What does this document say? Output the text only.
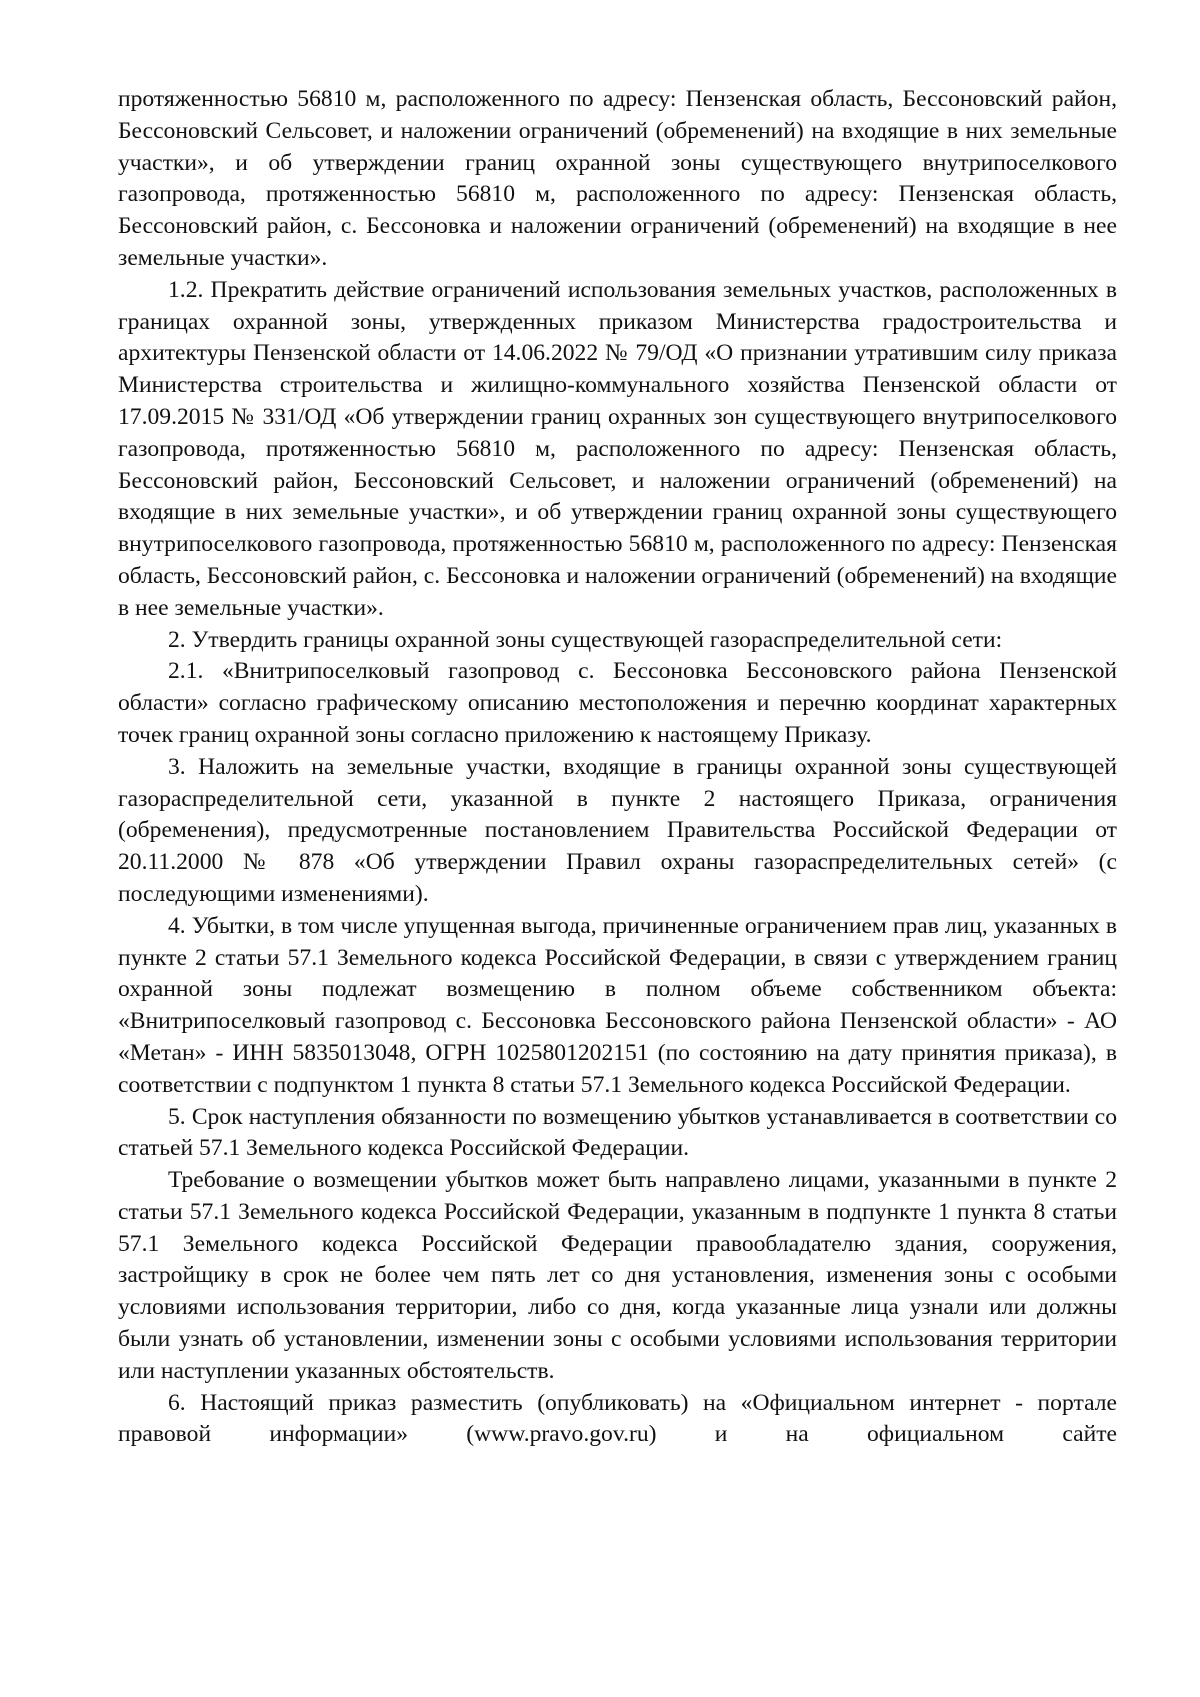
протяженностью 56810 м, расположенного по адресу: Пензенская область, Бессоновский район, Бессоновский Сельсовет, и наложении ограничений (обременений) на входящие в них земельные участки», и об утверждении границ охранной зоны существующего внутрипоселкового газопровода, протяженностью 56810 м, расположенного по адресу: Пензенская область, Бессоновский район, с. Бессоновка и наложении ограничений (обременений) на входящие в нее земельные участки».

1.2. Прекратить действие ограничений использования земельных участков, расположенных в границах охранной зоны, утвержденных приказом Министерства градостроительства и архитектуры Пензенской области от 14.06.2022 № 79/ОД «О признании утратившим силу приказа Министерства строительства и жилищно-коммунального хозяйства Пензенской области от 17.09.2015 № 331/ОД «Об утверждении границ охранных зон существующего внутрипоселкового газопровода, протяженностью 56810 м, расположенного по адресу: Пензенская область, Бессоновский район, Бессоновский Сельсовет, и наложении ограничений (обременений) на входящие в них земельные участки», и об утверждении границ охранной зоны существующего внутрипоселкового газопровода, протяженностью 56810 м, расположенного по адресу: Пензенская область, Бессоновский район, с. Бессоновка и наложении ограничений (обременений) на входящие в нее земельные участки».

2. Утвердить границы охранной зоны существующей газораспределительной сети:

2.1. «Внитрипоселковый газопровод с. Бессоновка Бессоновского района Пензенской области» согласно графическому описанию местоположения и перечню координат характерных точек границ охранной зоны согласно приложению к настоящему Приказу.

3. Наложить на земельные участки, входящие в границы охранной зоны существующей газораспределительной сети, указанной в пункте 2 настоящего Приказа, ограничения (обременения), предусмотренные постановлением Правительства Российской Федерации от 20.11.2000 № 878 «Об утверждении Правил охраны газораспределительных сетей» (с последующими изменениями).

4. Убытки, в том числе упущенная выгода, причиненные ограничением прав лиц, указанных в пункте 2 статьи 57.1 Земельного кодекса Российской Федерации, в связи с утверждением границ охранной зоны подлежат возмещению в полном объеме собственником объекта: «Внитрипоселковый газопровод с. Бессоновка Бессоновского района Пензенской области» - АО «Метан» - ИНН 5835013048, ОГРН 1025801202151 (по состоянию на дату принятия приказа), в соответствии с подпунктом 1 пункта 8 статьи 57.1 Земельного кодекса Российской Федерации.

5. Срок наступления обязанности по возмещению убытков устанавливается в соответствии со статьей 57.1 Земельного кодекса Российской Федерации.

Требование о возмещении убытков может быть направлено лицами, указанными в пункте 2 статьи 57.1 Земельного кодекса Российской Федерации, указанным в подпункте 1 пункта 8 статьи 57.1 Земельного кодекса Российской Федерации правообладателю здания, сооружения, застройщику в срок не более чем пять лет со дня установления, изменения зоны с особыми условиями использования территории, либо со дня, когда указанные лица узнали или должны были узнать об установлении, изменении зоны с особыми условиями использования территории или наступлении указанных обстоятельств.

6. Настоящий приказ разместить (опубликовать) на «Официальном интернет - портале правовой информации» (www.pravo.gov.ru) и на официальном сайте
